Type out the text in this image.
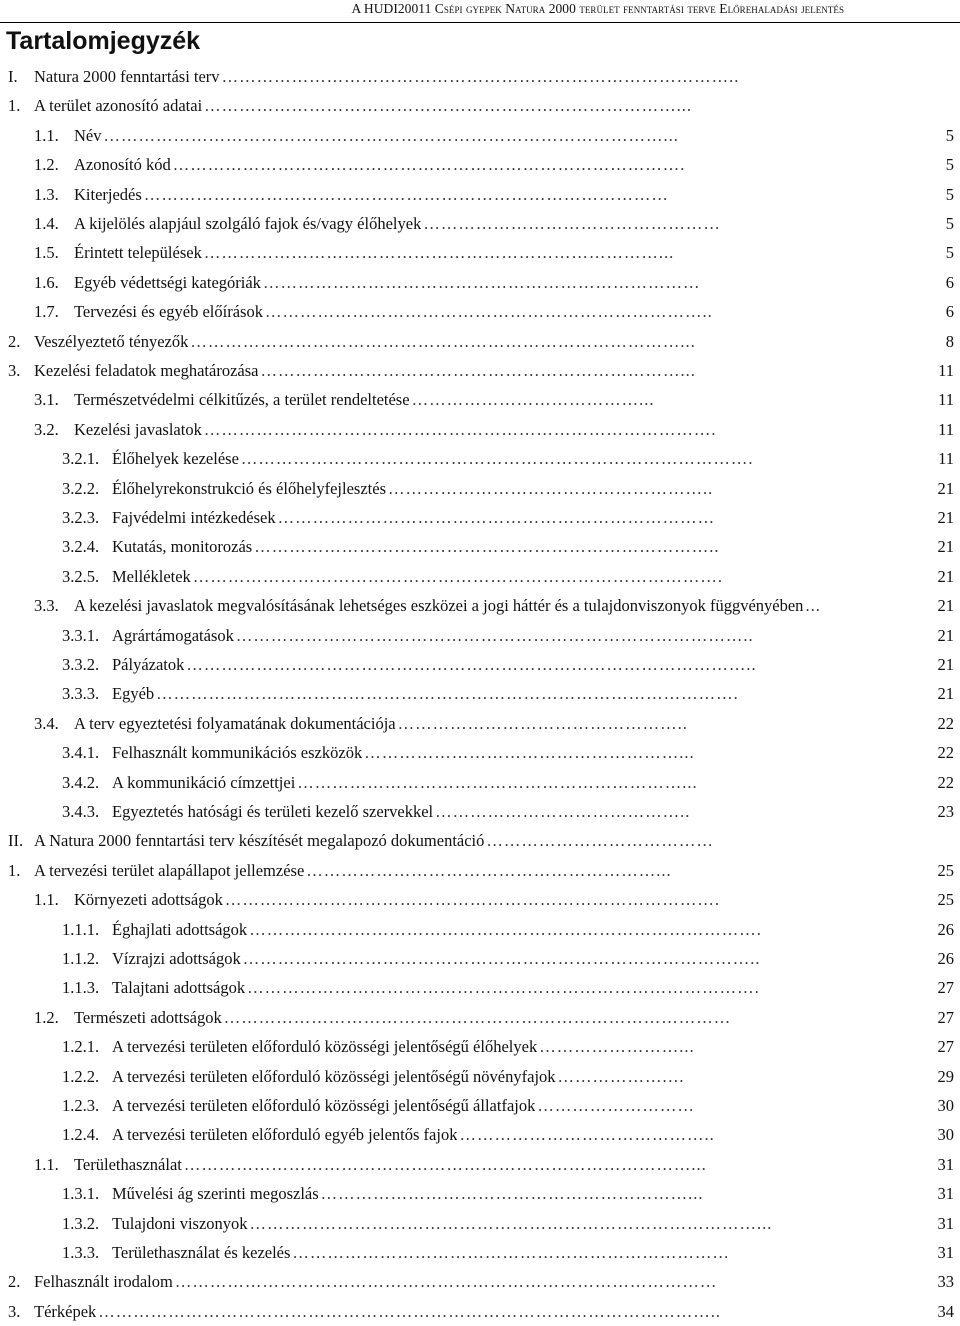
A HUDI20011 Csépi gyepek Natura 2000 terület fenntartási terve Előrehaladási jelentés
Tartalomjegyzék
I. Natura 2000 fenntartási terv ……………………………………………………………………………..
1. A terület azonosító adatai ………………………………………………………………………...
1.1. Név ……………………………………………………………………………………...	5
1.2. Azonosító kód …………………………………………………………………………….	5
1.3. Kiterjedés ………………………………………………………………………………	5
1.4. A kijelölés alapjául szolgáló fajok és/vagy élőhelyek ……………………………………………	5
1.5. Érintett települések ……………………………………………………………………...	5
1.6. Egyéb védettségi kategóriák …………………………………………………………………	6
1.7. Tervezési és egyéb előírások …………………………………………………………………..	6
2. Veszélyeztető tényezők …………………………………………………………………………...	8
3. Kezelési feladatok meghatározása ………………………………………………………………...	11
3.1. Természetvédelmi célkitűzés, a terület rendeltetése …………………………………...	11
3.2. Kezelési javaslatok …………………………………………………………………………….	11
3.2.1. Élőhelyek kezelése …………………………………………………………………………….	11
3.2.2. Élőhelyrekonstrukció és élőhelyfejlesztés ………………………………………………..	21
3.2.3. Fajvédelmi intézkedések …………………………………………………………………	21
3.2.4. Kutatás, monitorozás ……………………………………………………………………..	21
3.2.5. Mellékletek ……………………………………………………………………………….	21
3.3. A kezelési javaslatok megvalósításának lehetséges eszközei a jogi háttér és a tulajdonviszonyok függvényében ...	21
3.3.1. Agrártámogatások ……………………………………………………………………………..	21
3.3.2. Pályázatok ……………………………………………………………………………………..	21
3.3.3. Egyéb ……………………………………………………………………………………….	21
3.4. A terv egyeztetési folyamatának dokumentációja …………………………………………..	22
3.4.1. Felhasznált kommunikációs eszközök ………………………………………………...	22
3.4.2. A kommunikáció címzettjei …………………………………………………………...	22
3.4.3. Egyeztetés hatósági és területi kezelő szervekkel ……………………………………..	23
II. A Natura 2000 fenntartási terv készítését megalapozó dokumentáció …………………………………
1. A tervezési terület alapállapot jellemzése ……………………………………………………...	25
1.1. Környezeti adottságok ………………………………………………………………………….	25
1.1.1. Éghajlati adottságok …………………………………………………………………………….	26
1.1.2. Vízrajzi adottságok ……………………………………………………………………………..	26
1.1.3. Talajtani adottságok …………………………………………………………………………….	27
1.2. Természeti adottságok ……………………………………………………………………………	27
1.2.1. A tervezési területen előforduló közösségi jelentőségű élőhelyek ……………………...	27
1.2.2. A tervezési területen előforduló közösségi jelentőségű növényfajok ……………….…	29
1.2.3. A tervezési területen előforduló közösségi jelentőségű állatfajok ………………………	30
1.2.4. A tervezési területen előforduló egyéb jelentős fajok ……………………………………..	30
1.1. Területhasználat ……………………………………………………………………………...	31
1.3.1. Művelési ág szerinti megoszlás ………………………………………………………...	31
1.3.2. Tulajdoni viszonyok ……………………………………………………………………………...	31
1.3.3. Területhasználat és kezelés …………………………………………………………………	31
2. Felhasznált irodalom …………………………………………………………………………………	33
3. Térképek ……………………………………………………………………………………………..	34
